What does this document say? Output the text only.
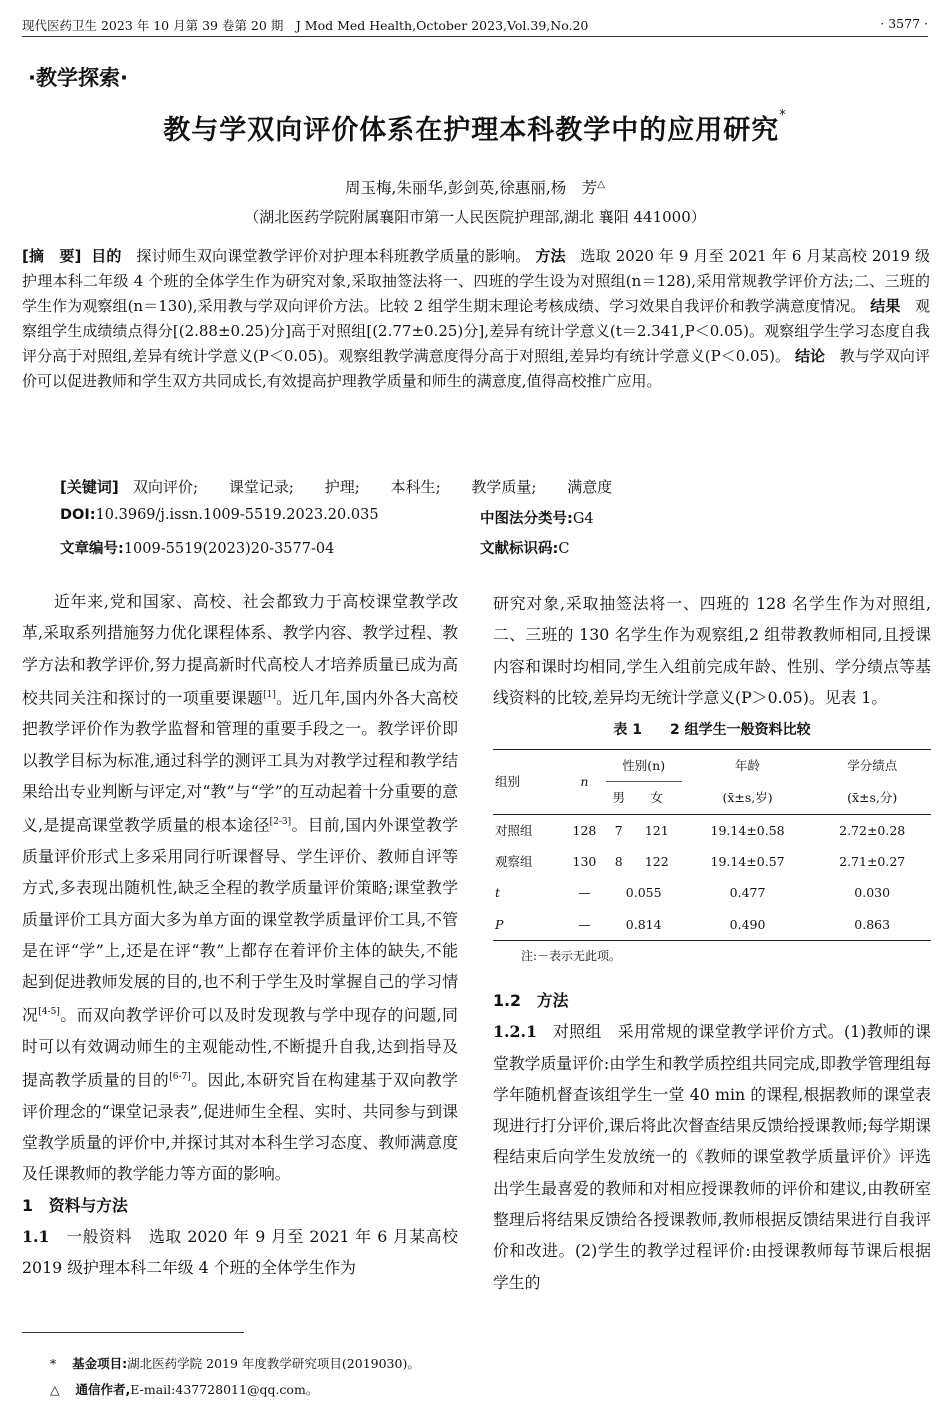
现代医药卫生 2023 年 10 月第 39 卷第 20 期　J Mod Med Health,October 2023,Vol.39,No.20	· 3577 ·
·教学探索·
教与学双向评价体系在护理本科教学中的应用研究*
周玉梅,朱丽华,彭剑英,徐惠丽,杨　芳△
（湖北医药学院附属襄阳市第一人民医院护理部,湖北 襄阳 441000）
[摘　要] 目的 探讨师生双向课堂教学评价对护理本科班教学质量的影响。 方法 选取 2020 年 9 月至 2021 年 6 月某高校 2019 级护理本科二年级 4 个班的全体学生作为研究对象,采取抽签法将一、四班的学生设为对照组(n＝128),采用常规教学评价方法;二、三班的学生作为观察组(n＝130),采用教与学双向评价方法。比较 2 组学生期末理论考核成绩、学习效果自我评价和教学满意度情况。 结果 观察组学生成绩绩点得分[(2.88±0.25)分]高于对照组[(2.77±0.25)分],差异有统计学意义(t＝2.341,P＜0.05)。观察组学生学习态度自我评分高于对照组,差异有统计学意义(P＜0.05)。观察组教学满意度得分高于对照组,差异均有统计学意义(P＜0.05)。 结论 教与学双向评价可以促进教师和学生双方共同成长,有效提高护理教学质量和师生的满意度,值得高校推广应用。
[关键词] 双向评价; 课堂记录; 护理; 本科生; 教学质量; 满意度
DOI:10.3969/j.issn.1009-5519.2023.20.035	中图法分类号:G4
文章编号:1009-5519(2023)20-3577-04	文献标识码:C

近年来,党和国家、高校、社会都致力于高校课堂教学改革,采取系列措施努力优化课程体系、教学内容、教学过程、教学方法和教学评价,努力提高新时代高校人才培养质量已成为高校共同关注和探讨的一项重要课题[1]。近几年,国内外各大高校把教学评价作为教学监督和管理的重要手段之一。教学评价即以教学目标为标准,通过科学的测评工具为对教学过程和教学结果给出专业判断与评定,对“教”与“学”的互动起着十分重要的意义,是提高课堂教学质量的根本途径[2-3]。目前,国内外课堂教学质量评价形式上多采用同行听课督导、学生评价、教师自评等方式,多表现出随机性,缺乏全程的教学质量评价策略;课堂教学质量评价工具方面大多为单方面的课堂教学质量评价工具,不管是在评“学”上,还是在评“教”上都存在着评价主体的缺失,不能起到促进教师发展的目的,也不利于学生及时掌握自己的学习情况[4-5]。而双向教学评价可以及时发现教与学中现存的问题,同时可以有效调动师生的主观能动性,不断提升自我,达到指导及提高教学质量的目的[6-7]。因此,本研究旨在构建基于双向教学评价理念的“课堂记录表”,促进师生全程、实时、共同参与到课堂教学质量的评价中,并探讨其对本科生学习态度、教师满意度及任课教师的教学能力等方面的影响。

1　资料与方法

1.1 一般资料 选取 2020 年 9 月至 2021 年 6 月某高校 2019 级护理本科二年级 4 个班的全体学生作为

研究对象,采取抽签法将一、四班的 128 名学生作为对照组,二、三班的 130 名学生作为观察组,2 组带教教师相同,且授课内容和课时均相同,学生入组前完成年龄、性别、学分绩点等基线资料的比较,差异均无统计学意义(P＞0.05)。见表 1。

表 1　　2 组学生一般资料比较
组别	n	性别(n)		年龄	学分绩点
		男	女	(x̄±s,岁)	(x̄±s,分)
对照组	128	7	121	19.14±0.58	2.72±0.28
观察组	130	8	122	19.14±0.57	2.71±0.27
t	—	0.055		0.477	0.030
P	—	0.814		0.490	0.863
注:－表示无此项。

1.2　方法

1.2.1 对照组 采用常规的课堂教学评价方式。(1)教师的课堂教学质量评价:由学生和教学质控组共同完成,即教学管理组每学年随机督查该组学生一堂 40 min 的课程,根据教师的课堂表现进行打分评价,课后将此次督查结果反馈给授课教师;每学期课程结束后向学生发放统一的《教师的课堂教学质量评价》评选出学生最喜爱的教师和对相应授课教师的评价和建议,由教研室整理后将结果反馈给各授课教师,教师根据反馈结果进行自我评价和改进。(2)学生的教学过程评价:由授课教师每节课后根据学生的

* 基金项目:湖北医药学院 2019 年度教学研究项目(2019030)。
△ 通信作者,E-mail:437728011@qq.com。
